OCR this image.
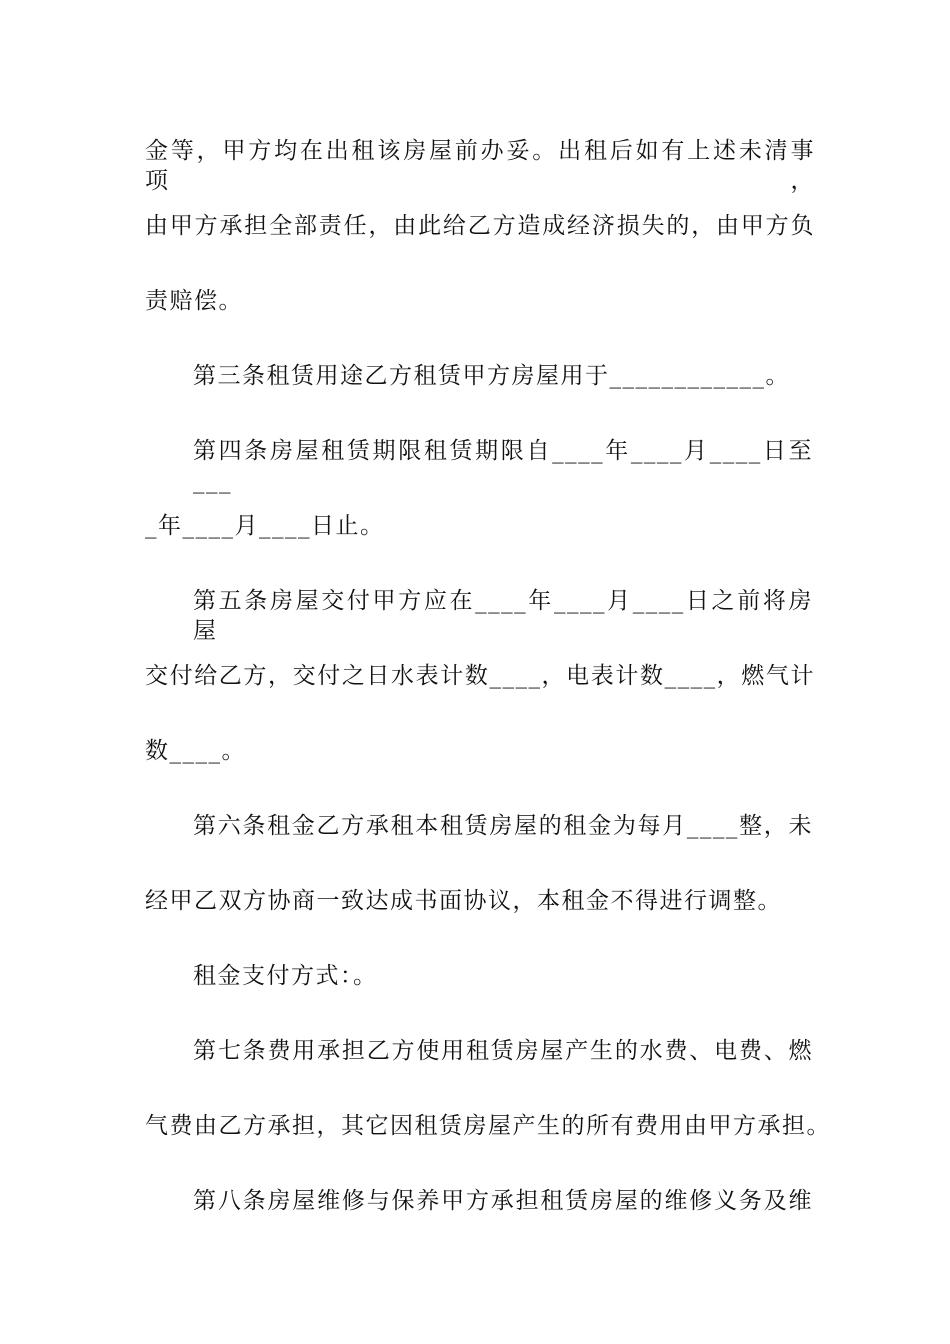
金等，甲方均在出租该房屋前办妥。出租后如有上述未清事项，
由甲方承担全部责任，由此给乙方造成经济损失的，由甲方负
责赔偿。
第三条租赁用途乙方租赁甲方房屋用于____________。
第四条房屋租赁期限租赁期限自____年____月____日至___
_年____月____日止。
第五条房屋交付甲方应在____年____月____日之前将房屋
交付给乙方，交付之日水表计数____，电表计数____，燃气计
数____。
第六条租金乙方承租本租赁房屋的租金为每月____整，未
经甲乙双方协商一致达成书面协议，本租金不得进行调整。
租金支付方式：。
第七条费用承担乙方使用租赁房屋产生的水费、电费、燃
气费由乙方承担，其它因租赁房屋产生的所有费用由甲方承担。
第八条房屋维修与保养甲方承担租赁房屋的维修义务及维
